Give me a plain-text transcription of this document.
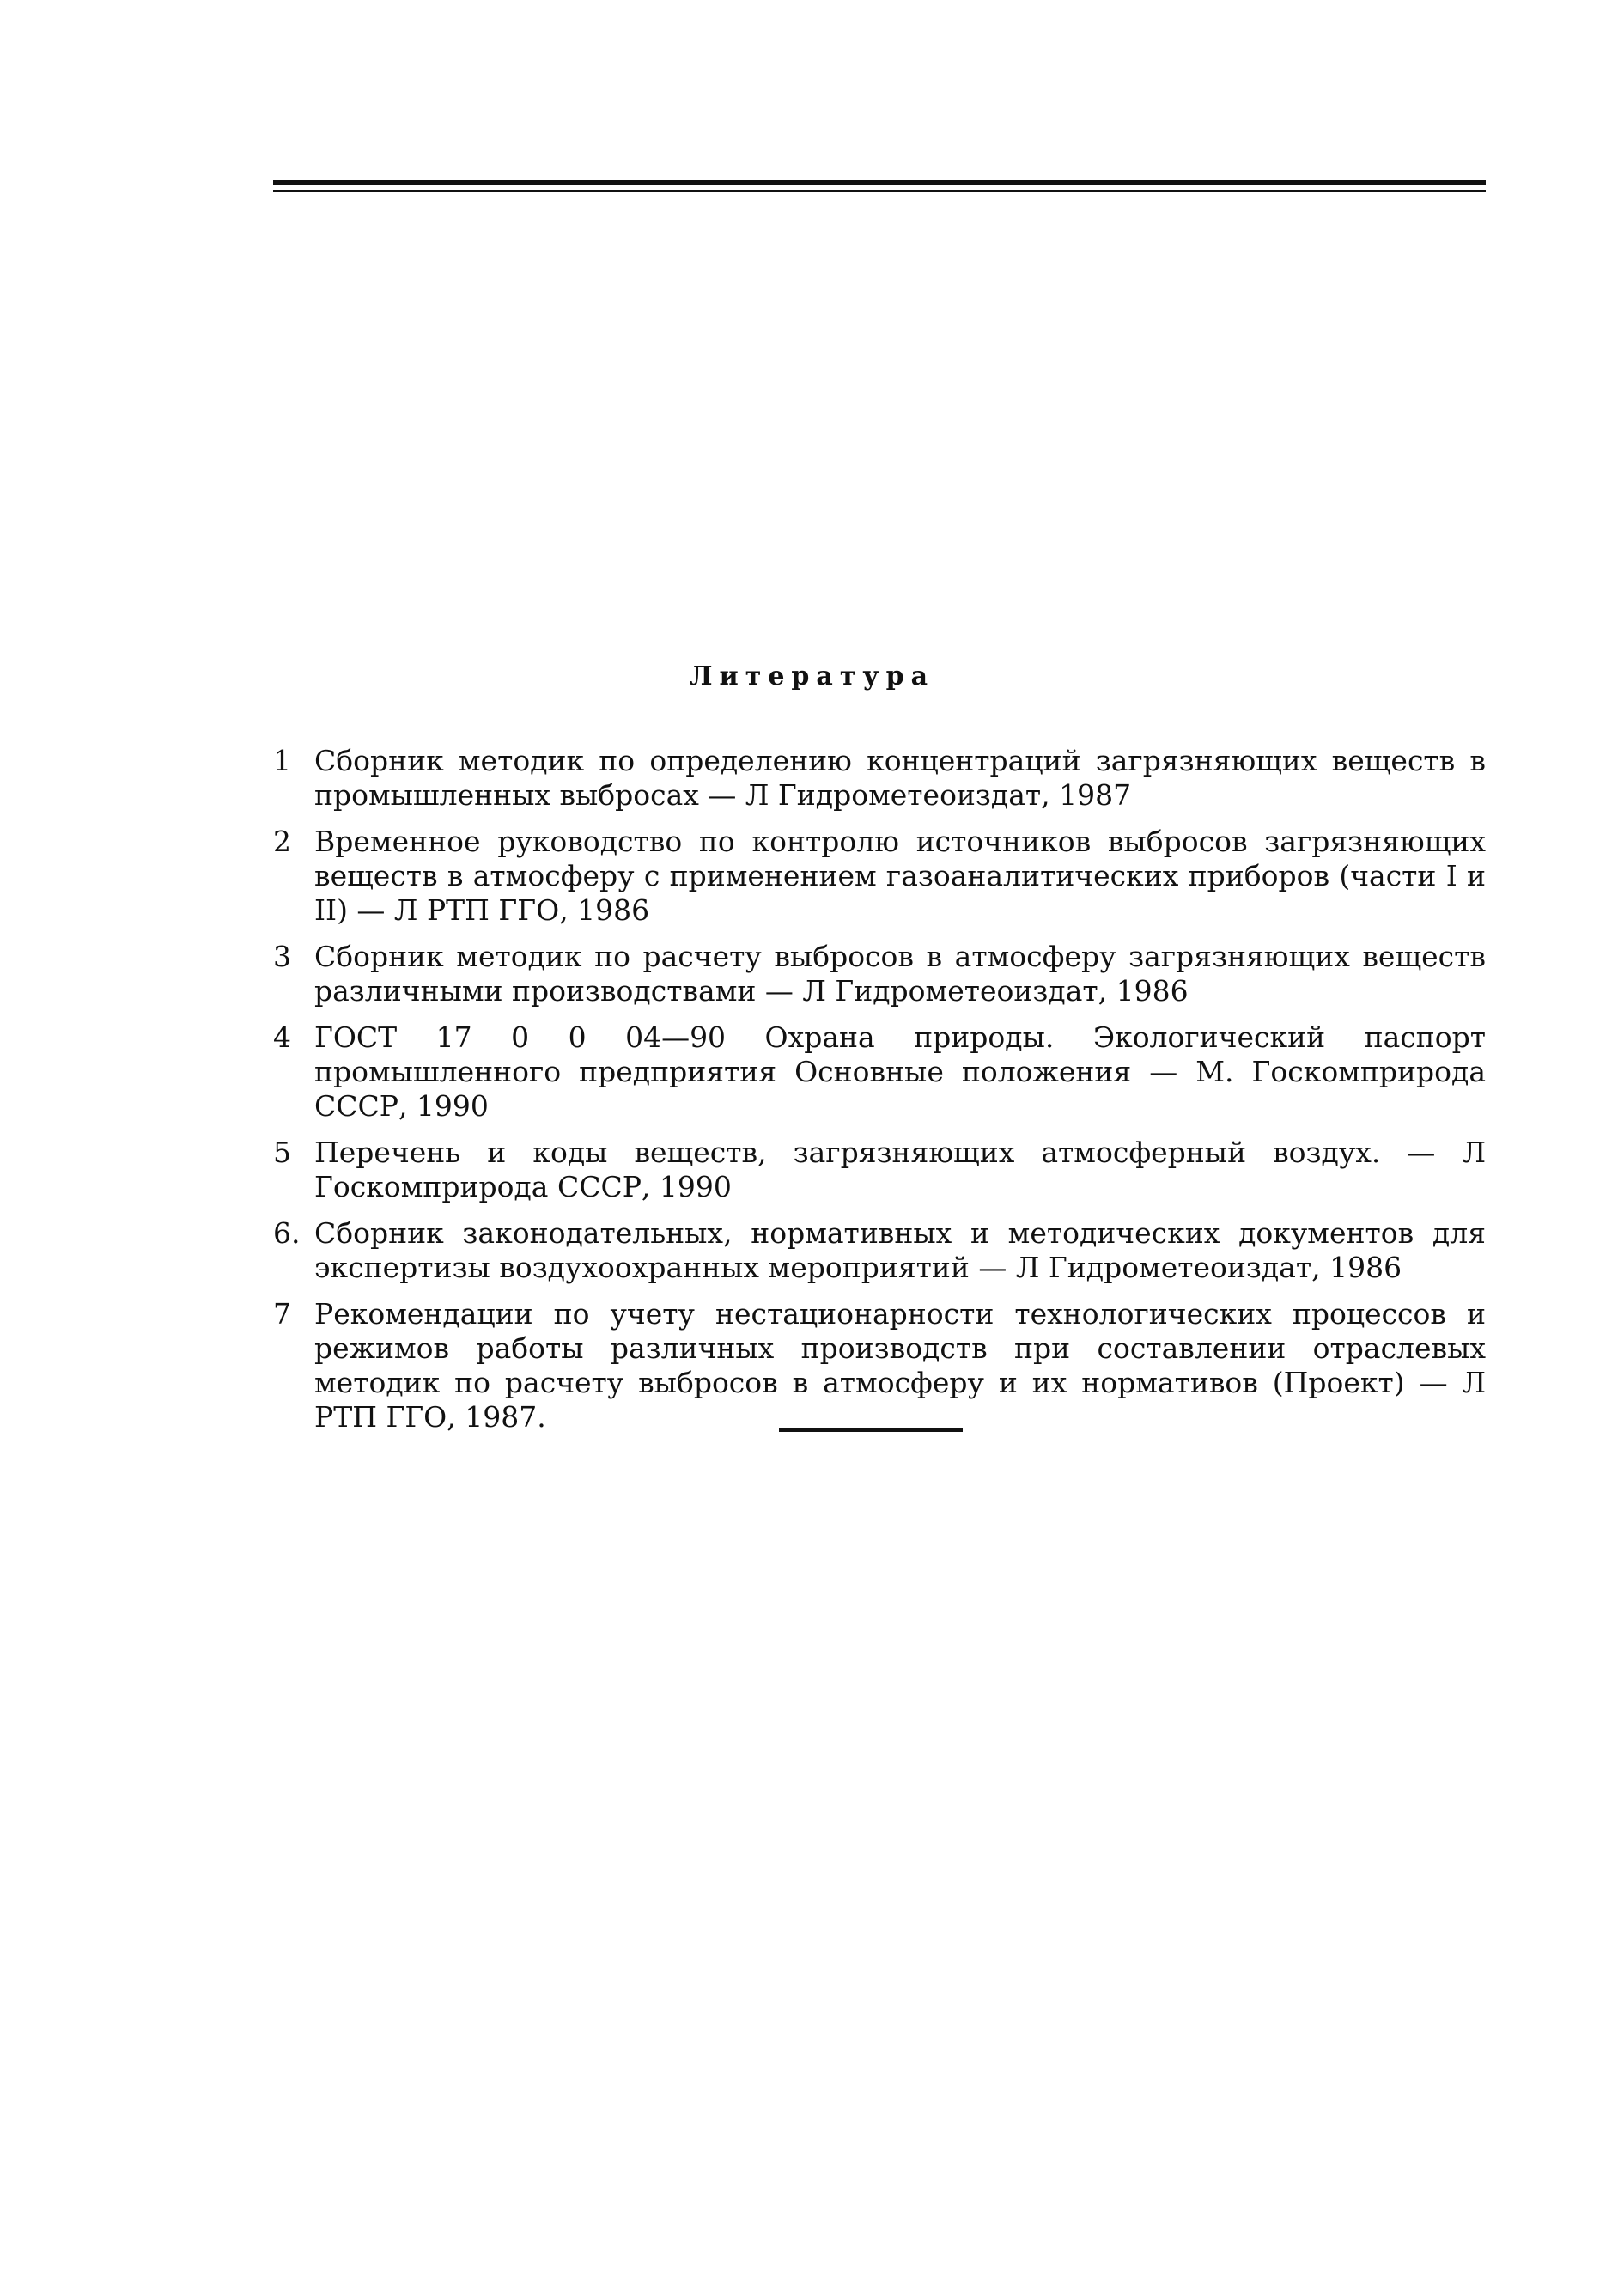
Литература
1 Сборник методик по определению концентраций загрязняющих веществ в промышленных выбросах — Л Гидрометеоиздат, 1987
2 Временное руководство по контролю источников выбросов загрязняющих веществ в атмосферу с применением газоаналитических приборов (части I и II) — Л РТП ГГО, 1986
3 Сборник методик по расчету выбросов в атмосферу загрязняющих веществ различными производствами — Л Гидрометеоиздат, 1986
4 ГОСТ 17 0 0 04—90 Охрана природы. Экологический паспорт промышленного предприятия Основные положения — М. Госкомприрода СССР, 1990
5 Перечень и коды веществ, загрязняющих атмосферный воздух. — Л Госкомприрода СССР, 1990
6. Сборник законодательных, нормативных и методических документов для экспертизы воздухоохранных мероприятий — Л Гидрометеоиздат, 1986
7 Рекомендации по учету нестационарности технологических процессов и режимов работы различных производств при составлении отраслевых методик по расчету выбросов в атмосферу и их нормативов (Проект) — Л РТП ГГО, 1987.
